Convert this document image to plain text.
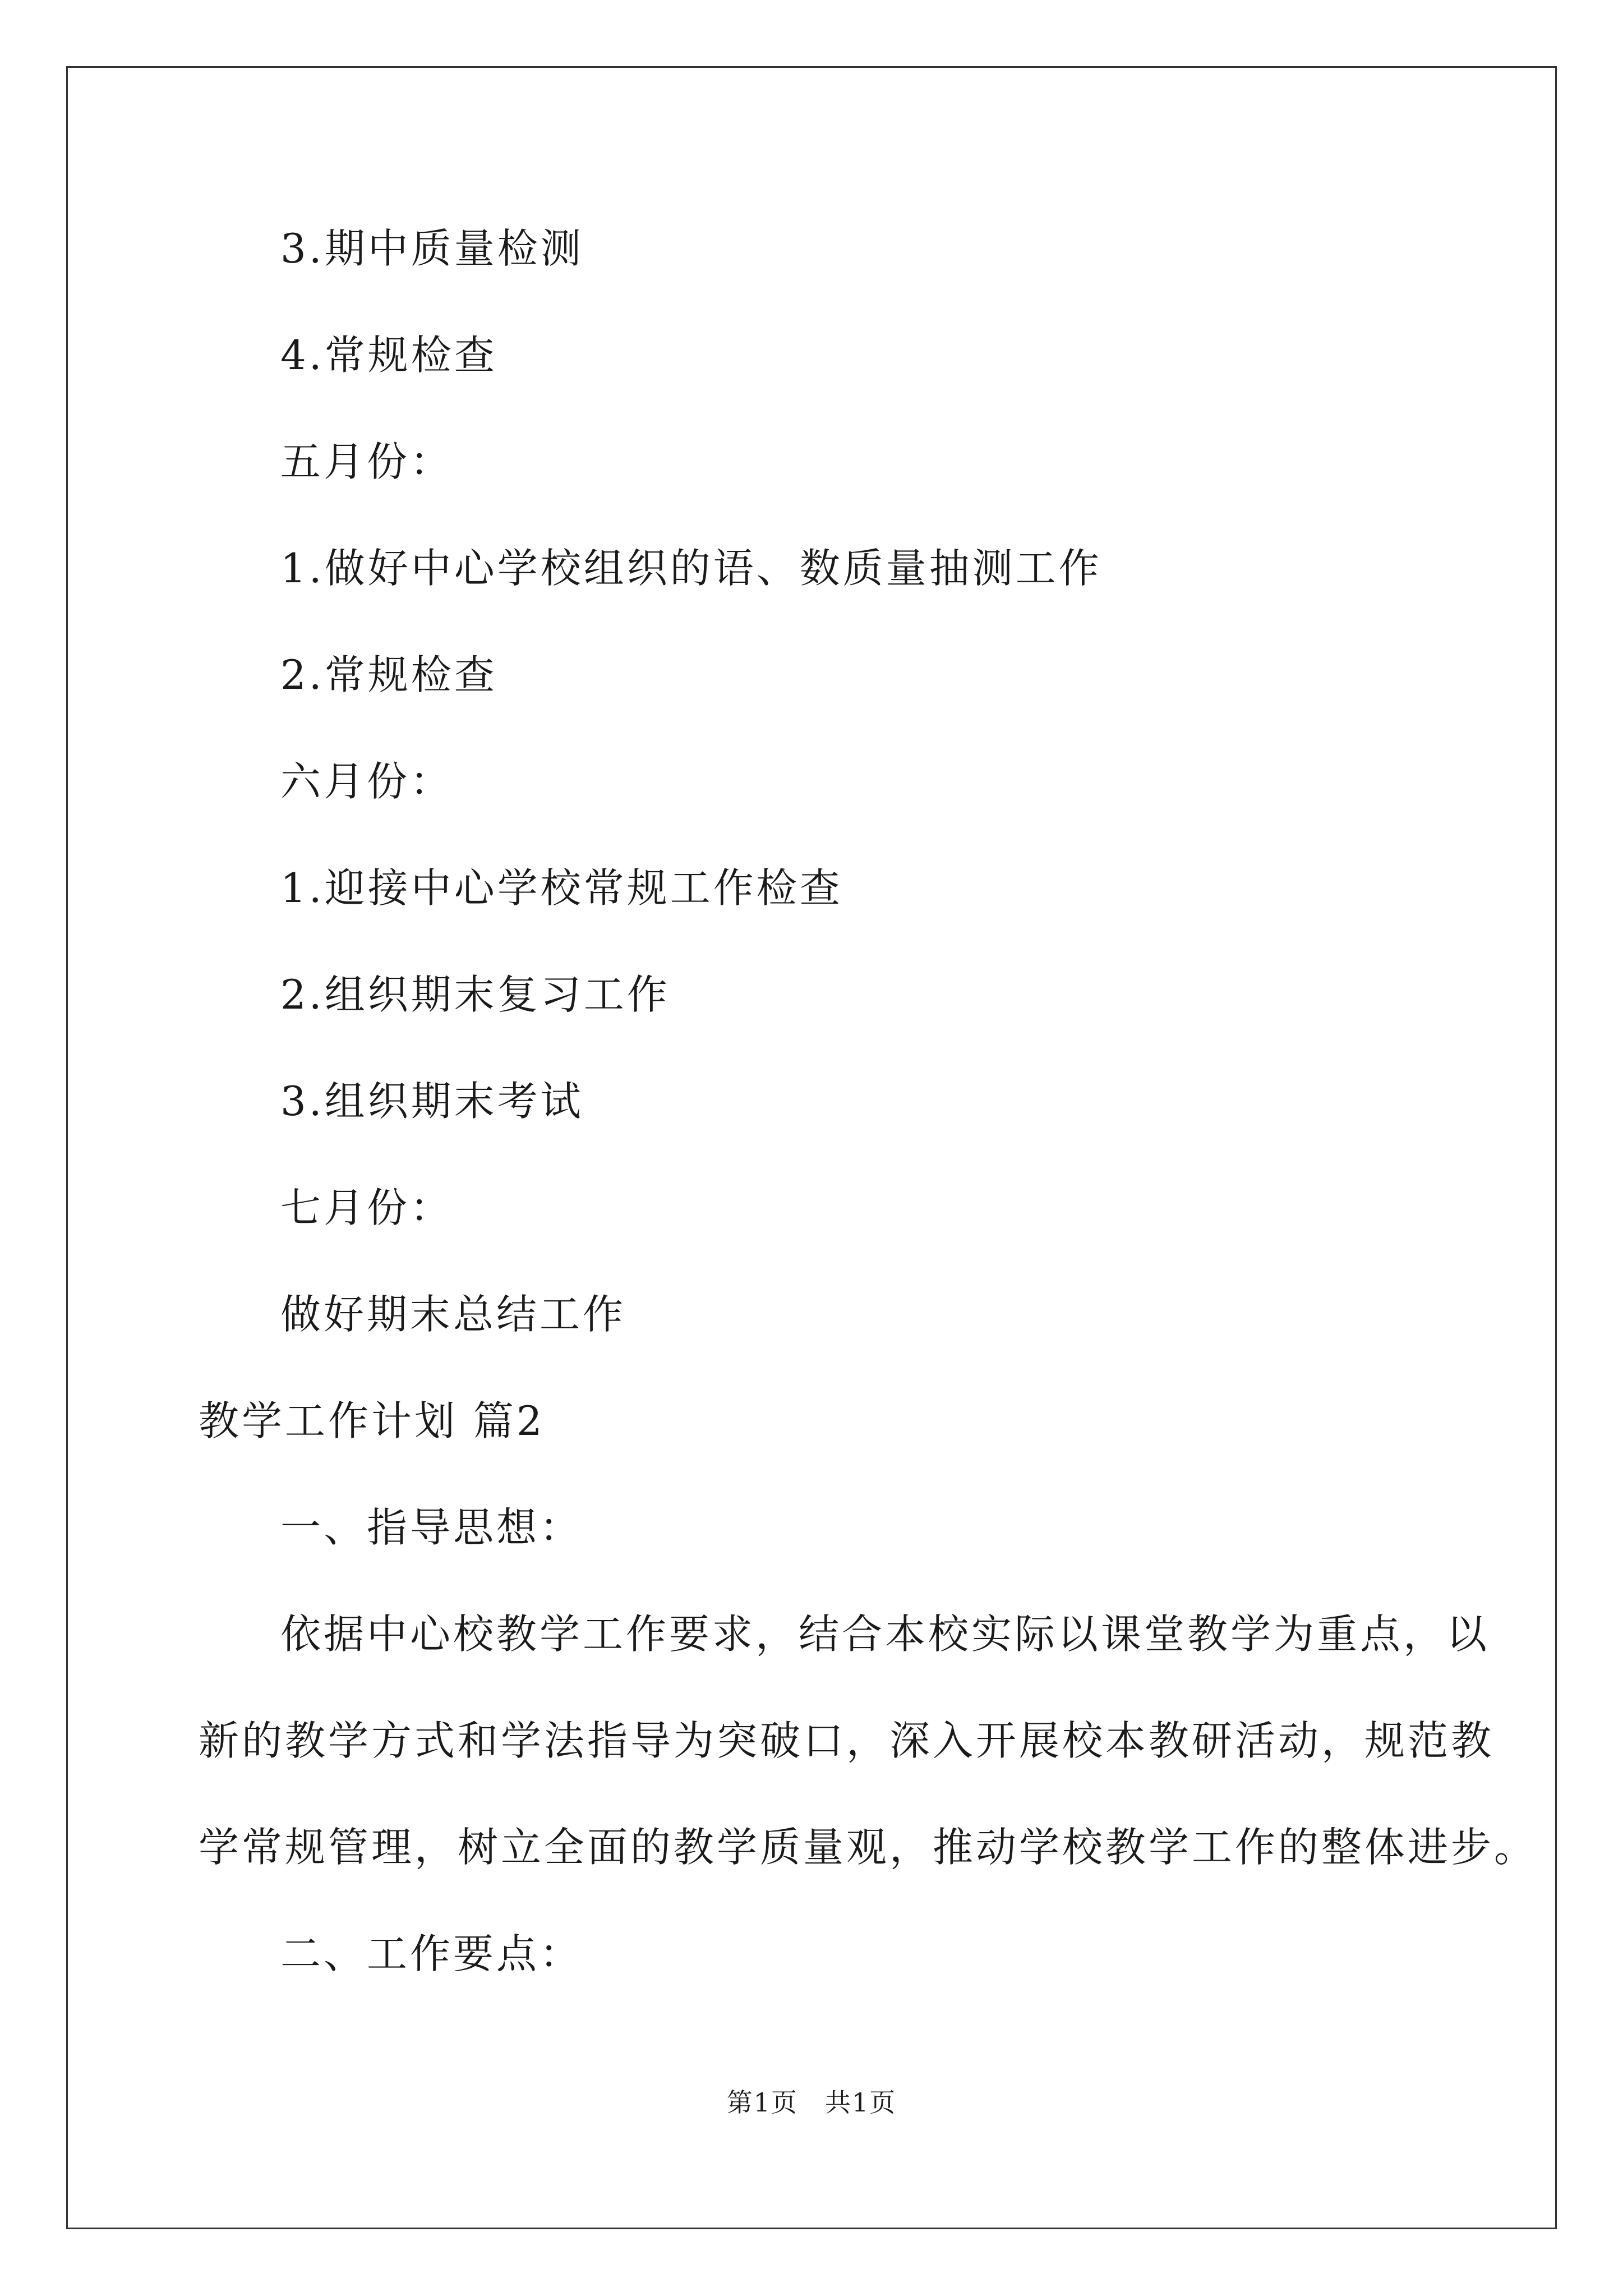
3.期中质量检测
4.常规检查
五月份：
1.做好中心学校组织的语、数质量抽测工作
2.常规检查
六月份：
1.迎接中心学校常规工作检查
2.组织期末复习工作
3.组织期末考试
七月份：
做好期末总结工作
教学工作计划 篇2
一、指导思想：
依据中心校教学工作要求，结合本校实际以课堂教学为重点，以
新的教学方式和学法指导为突破口，深入开展校本教研活动，规范教
学常规管理，树立全面的教学质量观，推动学校教学工作的整体进步。
二、工作要点：
第1页　共1页
